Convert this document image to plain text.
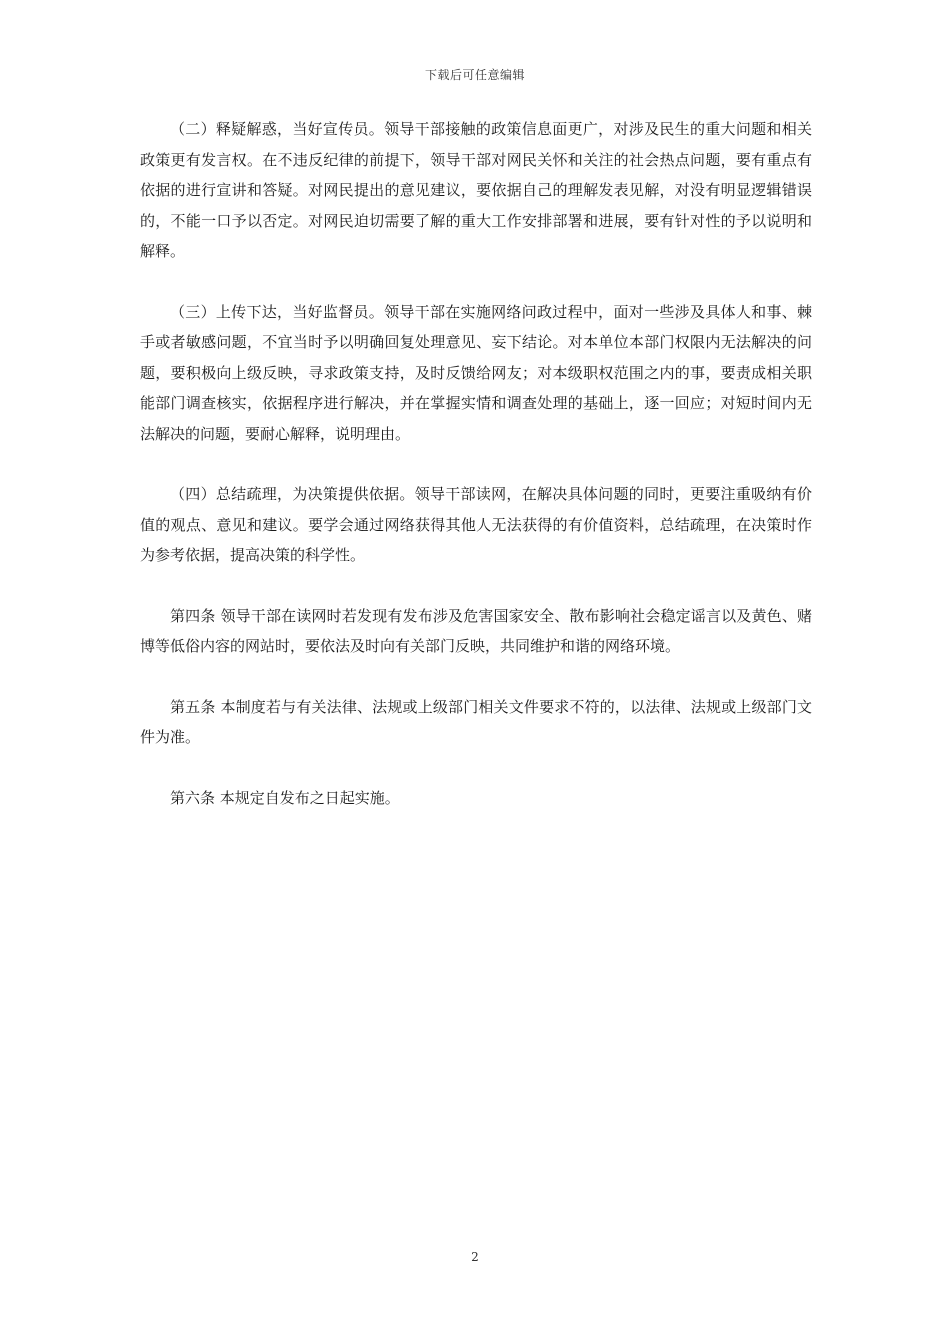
下载后可任意编辑

（二）释疑解惑，当好宣传员。领导干部接触的政策信息面更广，对涉及民生的重大问题和相关政策更有发言权。在不违反纪律的前提下，领导干部对网民关怀和关注的社会热点问题，要有重点有依据的进行宣讲和答疑。对网民提出的意见建议，要依据自己的理解发表见解，对没有明显逻辑错误的，不能一口予以否定。对网民迫切需要了解的重大工作安排部署和进展，要有针对性的予以说明和解释。

（三）上传下达，当好监督员。领导干部在实施网络问政过程中，面对一些涉及具体人和事、棘手或者敏感问题，不宜当时予以明确回复处理意见、妄下结论。对本单位本部门权限内无法解决的问题，要积极向上级反映，寻求政策支持，及时反馈给网友；对本级职权范围之内的事，要责成相关职能部门调查核实，依据程序进行解决，并在掌握实情和调查处理的基础上，逐一回应；对短时间内无法解决的问题，要耐心解释，说明理由。

（四）总结疏理，为决策提供依据。领导干部读网，在解决具体问题的同时，更要注重吸纳有价值的观点、意见和建议。要学会通过网络获得其他人无法获得的有价值资料，总结疏理，在决策时作为参考依据，提高决策的科学性。

第四条 领导干部在读网时若发现有发布涉及危害国家安全、散布影响社会稳定谣言以及黄色、赌博等低俗内容的网站时，要依法及时向有关部门反映，共同维护和谐的网络环境。

第五条 本制度若与有关法律、法规或上级部门相关文件要求不符的，以法律、法规或上级部门文件为准。

第六条 本规定自发布之日起实施。

2
